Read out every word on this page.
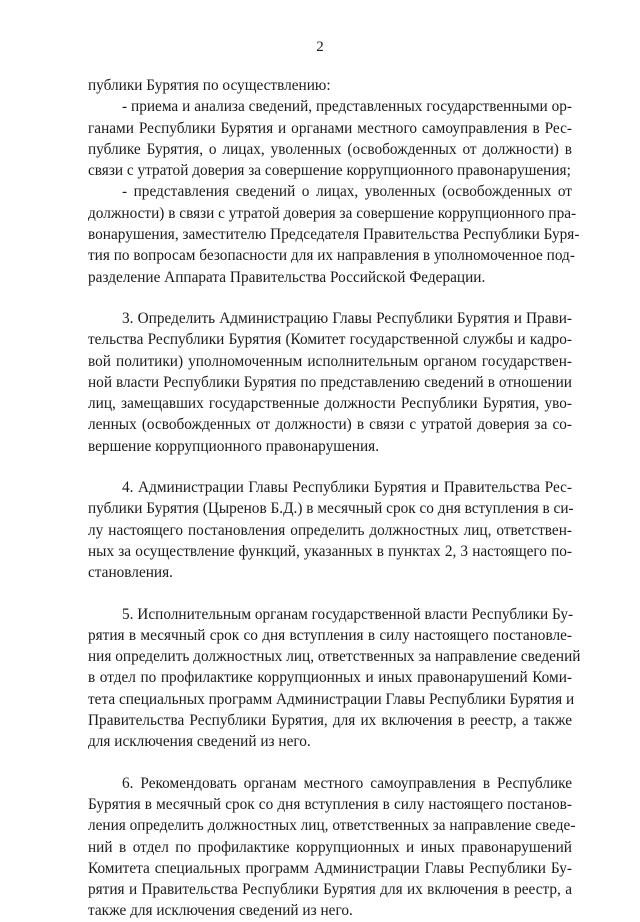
2
публики Бурятия по осуществлению:
- приема и анализа сведений, представленных государственными ор-
ганами Республики Бурятия и органами местного самоуправления в Рес-
публике Бурятия, о лицах, уволенных (освобожденных от должности) в
связи с утратой доверия за совершение коррупционного правонарушения;
- представления сведений о лицах, уволенных (освобожденных от
должности) в связи с утратой доверия за совершение коррупционного пра-
вонарушения, заместителю Председателя Правительства Республики Буря-
тия по вопросам безопасности для их направления в уполномоченное под-
разделение Аппарата Правительства Российской Федерации.
3. Определить Администрацию Главы Республики Бурятия и Прави-
тельства Республики Бурятия (Комитет государственной службы и кадро-
вой политики) уполномоченным исполнительным органом государствен-
ной власти Республики Бурятия по представлению сведений в отношении
лиц, замещавших государственные должности Республики Бурятия, уво-
ленных (освобожденных от должности) в связи с утратой доверия за со-
вершение коррупционного правонарушения.
4. Администрации Главы Республики Бурятия и Правительства Рес-
публики Бурятия (Цыренов Б.Д.) в месячный срок со дня вступления в си-
лу настоящего постановления определить должностных лиц, ответствен-
ных за осуществление функций, указанных в пунктах 2, 3 настоящего по-
становления.
5. Исполнительным органам государственной власти Республики Бу-
рятия в месячный срок со дня вступления в силу настоящего постановле-
ния определить должностных лиц, ответственных за направление сведений
в отдел по профилактике коррупционных и иных правонарушений Коми-
тета специальных программ Администрации Главы Республики Бурятия и
Правительства Республики Бурятия, для их включения в реестр, а также
для исключения сведений из него.
6. Рекомендовать органам местного самоуправления в Республике
Бурятия в месячный срок со дня вступления в силу настоящего постанов-
ления определить должностных лиц, ответственных за направление сведе-
ний в отдел по профилактике коррупционных и иных правонарушений
Комитета специальных программ Администрации Главы Республики Бу-
рятия и Правительства Республики Бурятия для их включения в реестр, а
также для исключения сведений из него.
